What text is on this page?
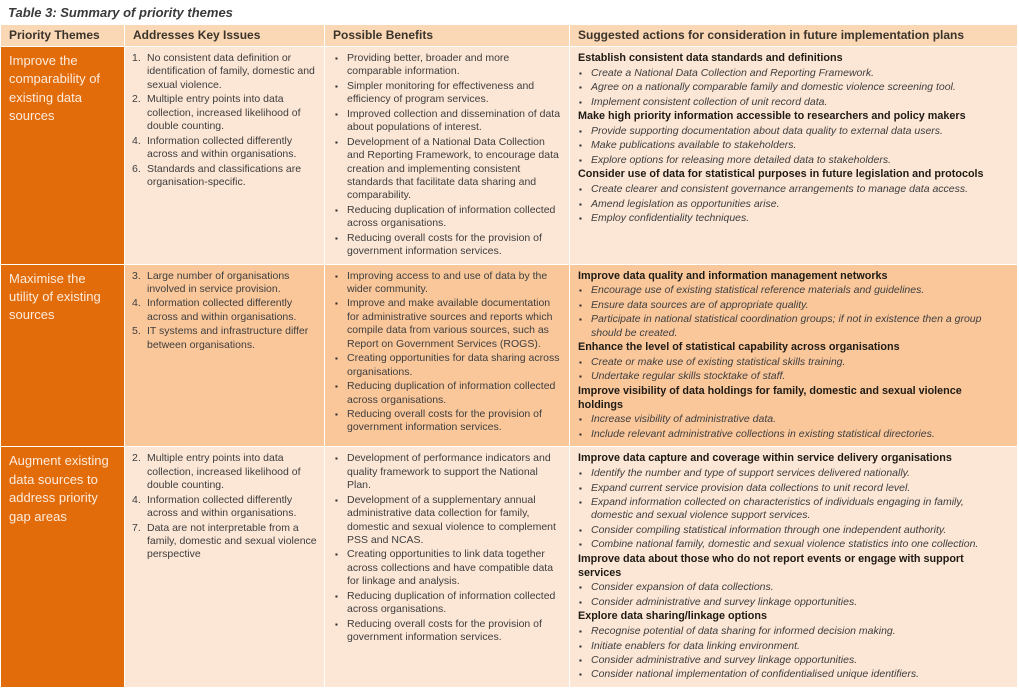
Table 3: Summary of priority themes
Priority Themes	Addresses Key Issues	Possible Benefits	Suggested actions for consideration in future implementation plans
Improve the comparability of existing data sources	
1. No consistent data definition or identification of family, domestic and sexual violence.
2. Multiple entry points into data collection, increased likelihood of double counting.
4. Information collected differently across and within organisations.
6. Standards and classifications are organisation-specific.

▪ Providing better, broader and more comparable information.
▪ Simpler monitoring for effectiveness and efficiency of program services.
▪ Improved collection and dissemination of data about populations of interest.
▪ Development of a National Data Collection and Reporting Framework, to encourage data creation and implementing consistent standards that facilitate data sharing and comparability.
▪ Reducing duplication of information collected across organisations.
▪ Reducing overall costs for the provision of government information services.

Establish consistent data standards and definitions
▪ Create a National Data Collection and Reporting Framework.
▪ Agree on a nationally comparable family and domestic violence screening tool.
▪ Implement consistent collection of unit record data.
Make high priority information accessible to researchers and policy makers
▪ Provide supporting documentation about data quality to external data users.
▪ Make publications available to stakeholders.
▪ Explore options for releasing more detailed data to stakeholders.
Consider use of data for statistical purposes in future legislation and protocols
▪ Create clearer and consistent governance arrangements to manage data access.
▪ Amend legislation as opportunities arise.
▪ Employ confidentiality techniques.

Maximise the utility of existing sources	
3. Large number of organisations involved in service provision.
4. Information collected differently across and within organisations.
5. IT systems and infrastructure differ between organisations.

▪ Improving access to and use of data by the wider community.
▪ Improve and make available documentation for administrative sources and reports which compile data from various sources, such as Report on Government Services (ROGS).
▪ Creating opportunities for data sharing across organisations.
▪ Reducing duplication of information collected across organisations.
▪ Reducing overall costs for the provision of government information services.

Improve data quality and information management networks
▪ Encourage use of existing statistical reference materials and guidelines.
▪ Ensure data sources are of appropriate quality.
▪ Participate in national statistical coordination groups; if not in existence then a group should be created.
Enhance the level of statistical capability across organisations
▪ Create or make use of existing statistical skills training.
▪ Undertake regular skills stocktake of staff.
Improve visibility of data holdings for family, domestic and sexual violence holdings
▪ Increase visibility of administrative data.
▪ Include relevant administrative collections in existing statistical directories.

Augment existing data sources to address priority gap areas	
2. Multiple entry points into data collection, increased likelihood of double counting.
4. Information collected differently across and within organisations.
7. Data are not interpretable from a family, domestic and sexual violence perspective

▪ Development of performance indicators and quality framework to support the National Plan.
▪ Development of a supplementary annual administrative data collection for family, domestic and sexual violence to complement PSS and NCAS.
▪ Creating opportunities to link data together across collections and have compatible data for linkage and analysis.
▪ Reducing duplication of information collected across organisations.
▪ Reducing overall costs for the provision of government information services.

Improve data capture and coverage within service delivery organisations
▪ Identify the number and type of support services delivered nationally.
▪ Expand current service provision data collections to unit record level.
▪ Expand information collected on characteristics of individuals engaging in family, domestic and sexual violence support services.
▪ Consider compiling statistical information through one independent authority.
▪ Combine national family, domestic and sexual violence statistics into one collection.
Improve data about those who do not report events or engage with support services
▪ Consider expansion of data collections.
▪ Consider administrative and survey linkage opportunities.
Explore data sharing/linkage options
▪ Recognise potential of data sharing for informed decision making.
▪ Initiate enablers for data linking environment.
▪ Consider administrative and survey linkage opportunities.
▪ Consider national implementation of confidentialised unique identifiers.
